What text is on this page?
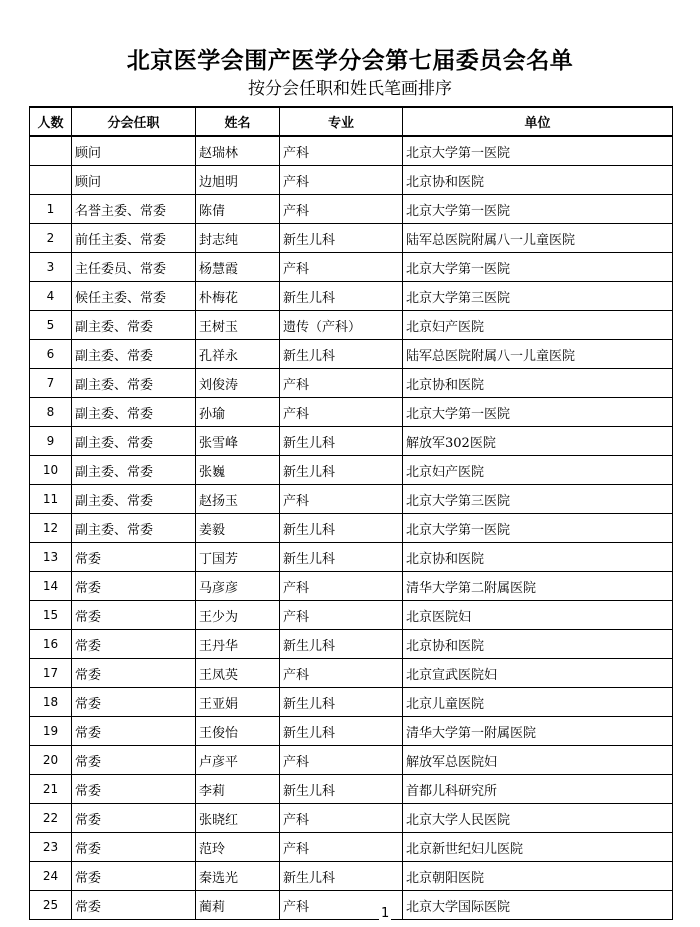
北京医学会围产医学分会第七届委员会名单
按分会任职和姓氏笔画排序
人数	分会任职	姓名	专业	单位
	顾问	赵瑞林	产科	北京大学第一医院
	顾问	边旭明	产科	北京协和医院
1	名誉主委、常委	陈倩	产科	北京大学第一医院
2	前任主委、常委	封志纯	新生儿科	陆军总医院附属八一儿童医院
3	主任委员、常委	杨慧霞	产科	北京大学第一医院
4	候任主委、常委	朴梅花	新生儿科	北京大学第三医院
5	副主委、常委	王树玉	遗传（产科）	北京妇产医院
6	副主委、常委	孔祥永	新生儿科	陆军总医院附属八一儿童医院
7	副主委、常委	刘俊涛	产科	北京协和医院
8	副主委、常委	孙瑜	产科	北京大学第一医院
9	副主委、常委	张雪峰	新生儿科	解放军302医院
10	副主委、常委	张巍	新生儿科	北京妇产医院
11	副主委、常委	赵扬玉	产科	北京大学第三医院
12	副主委、常委	姜毅	新生儿科	北京大学第一医院
13	常委	丁国芳	新生儿科	北京协和医院
14	常委	马彦彦	产科	清华大学第二附属医院
15	常委	王少为	产科	北京医院妇
16	常委	王丹华	新生儿科	北京协和医院
17	常委	王凤英	产科	北京宣武医院妇
18	常委	王亚娟	新生儿科	北京儿童医院
19	常委	王俊怡	新生儿科	清华大学第一附属医院
20	常委	卢彦平	产科	解放军总医院妇
21	常委	李莉	新生儿科	首都儿科研究所
22	常委	张晓红	产科	北京大学人民医院
23	常委	范玲	产科	北京新世纪妇儿医院
24	常委	秦选光	新生儿科	北京朝阳医院
25	常委	蔺莉	产科	北京大学国际医院
1
